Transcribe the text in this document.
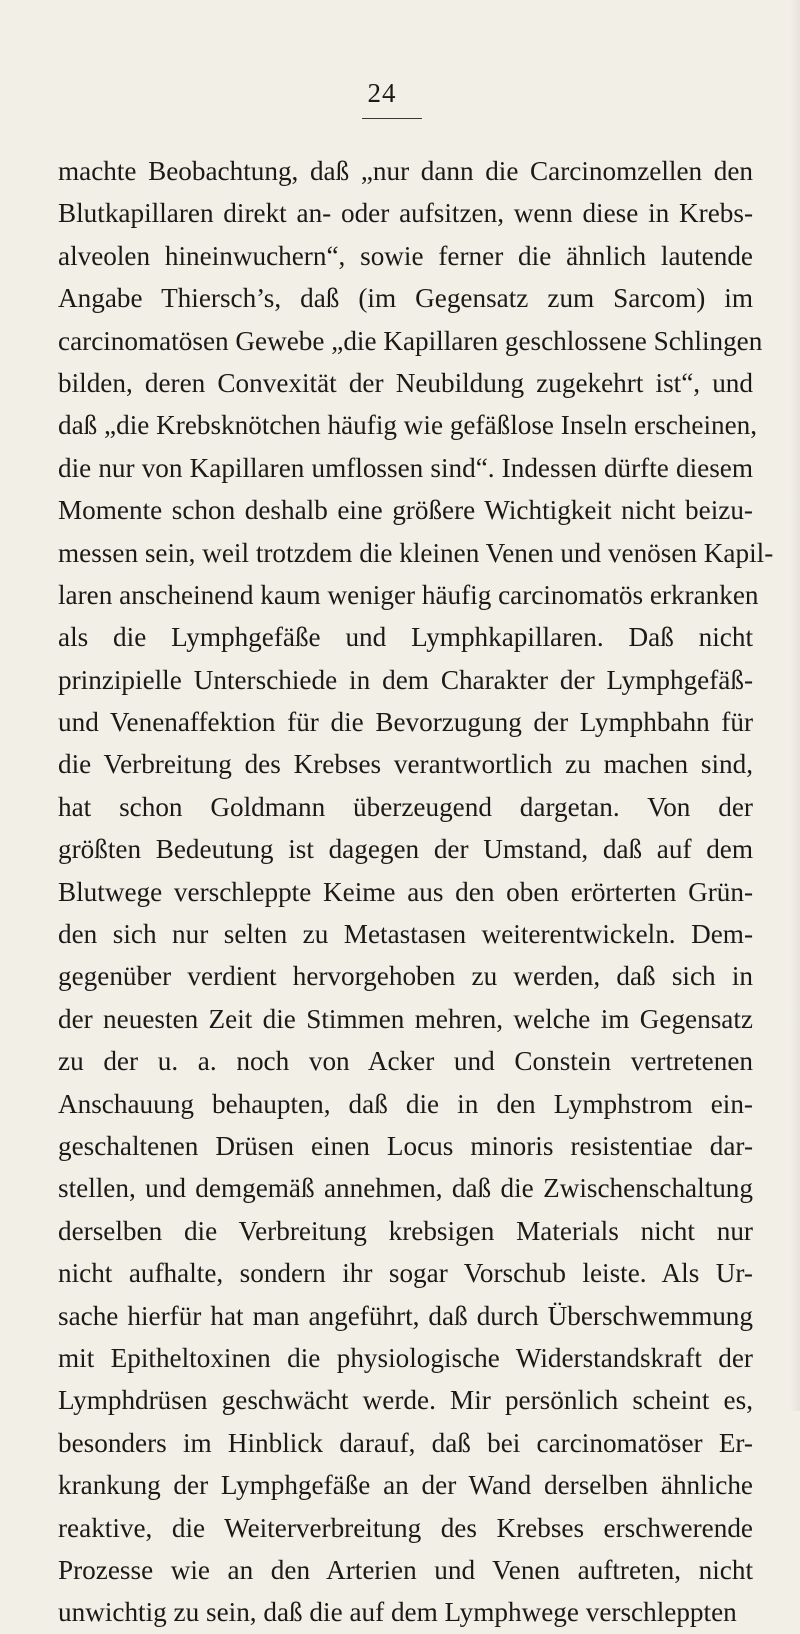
24
machte Beobachtung, daß „nur dann die Carcinomzellen den
Blutkapillaren direkt an- oder aufsitzen, wenn diese in Krebs-
alveolen hineinwuchern“, sowie ferner die ähnlich lautende
Angabe Thiersch’s, daß (im Gegensatz zum Sarcom) im
carcinomatösen Gewebe „die Kapillaren geschlossene Schlingen
bilden, deren Convexität der Neubildung zugekehrt ist“, und
daß „die Krebsknötchen häufig wie gefäßlose Inseln erscheinen,
die nur von Kapillaren umflossen sind“. Indessen dürfte diesem
Momente schon deshalb eine größere Wichtigkeit nicht beizu-
messen sein, weil trotzdem die kleinen Venen und venösen Kapil-
laren anscheinend kaum weniger häufig carcinomatös erkranken
als die Lymphgefäße und Lymphkapillaren. Daß nicht
prinzipielle Unterschiede in dem Charakter der Lymphgefäß-
und Venenaffektion für die Bevorzugung der Lymphbahn für
die Verbreitung des Krebses verantwortlich zu machen sind,
hat schon Goldmann überzeugend dargetan. Von der
größten Bedeutung ist dagegen der Umstand, daß auf dem
Blutwege verschleppte Keime aus den oben erörterten Grün-
den sich nur selten zu Metastasen weiterentwickeln. Dem-
gegenüber verdient hervorgehoben zu werden, daß sich in
der neuesten Zeit die Stimmen mehren, welche im Gegensatz
zu der u. a. noch von Acker und Constein vertretenen
Anschauung behaupten, daß die in den Lymphstrom ein-
geschaltenen Drüsen einen Locus minoris resistentiae dar-
stellen, und demgemäß annehmen, daß die Zwischenschaltung
derselben die Verbreitung krebsigen Materials nicht nur
nicht aufhalte, sondern ihr sogar Vorschub leiste. Als Ur-
sache hierfür hat man angeführt, daß durch Überschwemmung
mit Epitheltoxinen die physiologische Widerstandskraft der
Lymphdrüsen geschwächt werde. Mir persönlich scheint es,
besonders im Hinblick darauf, daß bei carcinomatöser Er-
krankung der Lymphgefäße an der Wand derselben ähnliche
reaktive, die Weiterverbreitung des Krebses erschwerende
Prozesse wie an den Arterien und Venen auftreten, nicht
unwichtig zu sein, daß die auf dem Lymphwege verschleppten
